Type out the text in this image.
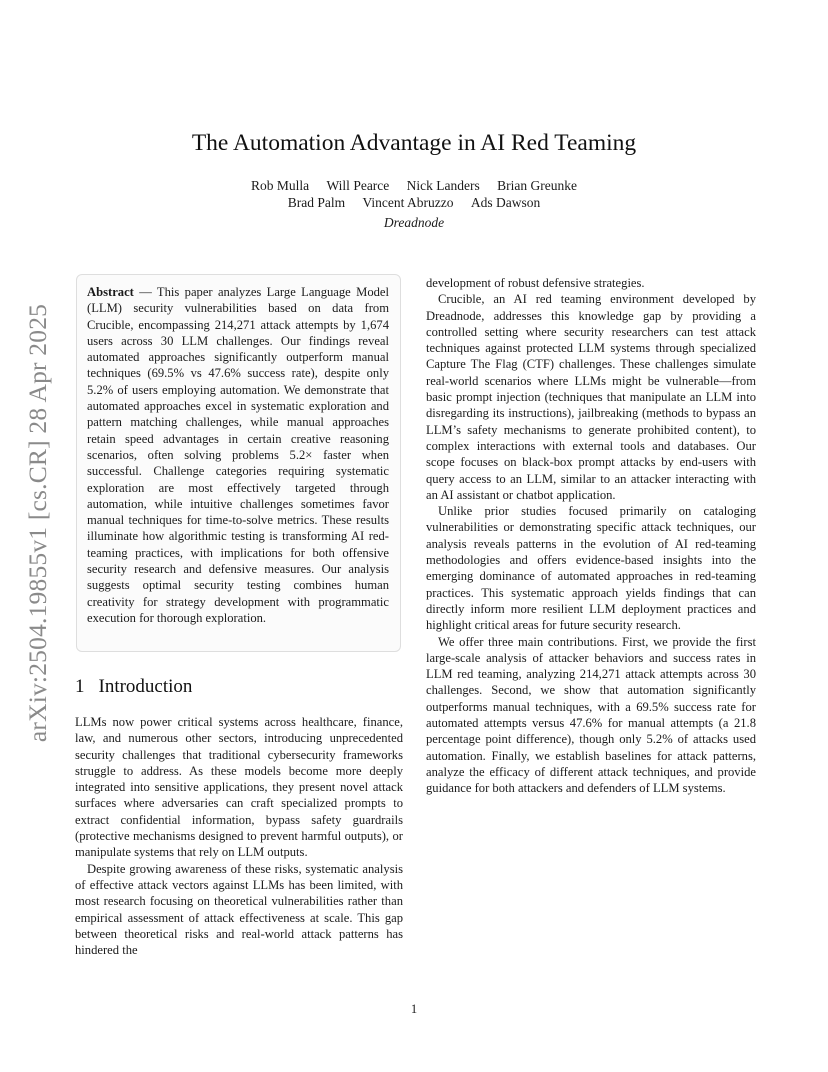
arXiv:2504.19855v1 [cs.CR] 28 Apr 2025
The Automation Advantage in AI Red Teaming
Rob Mulla Will Pearce Nick Landers Brian Greunke
Brad Palm Vincent Abruzzo Ads Dawson
Dreadnode

Abstract — This paper analyzes Large Language Model (LLM) security vulnerabilities based on data from Crucible, encompassing 214,271 attack attempts by 1,674 users across 30 LLM challenges. Our findings reveal automated approaches significantly outperform manual techniques (69.5% vs 47.6% success rate), despite only 5.2% of users employing automation. We demonstrate that automated approaches excel in systematic exploration and pattern matching challenges, while manual approaches retain speed advantages in certain creative reasoning scenarios, often solving problems 5.2× faster when successful. Challenge categories requiring systematic exploration are most effectively targeted through automation, while intuitive challenges sometimes favor manual techniques for time-to-solve metrics. These results illuminate how algorithmic testing is transforming AI red-teaming practices, with implications for both offensive security research and defensive measures. Our analysis suggests optimal security testing combines human creativity for strategy development with programmatic execution for thorough exploration.

1 Introduction

LLMs now power critical systems across healthcare, finance, law, and numerous other sectors, introducing unprecedented security challenges that traditional cybersecurity frameworks struggle to address. As these models become more deeply integrated into sensitive applications, they present novel attack surfaces where adversaries can craft specialized prompts to extract confidential information, bypass safety guardrails (protective mechanisms designed to prevent harmful outputs), or manipulate systems that rely on LLM outputs.

Despite growing awareness of these risks, systematic analysis of effective attack vectors against LLMs has been limited, with most research focusing on theoretical vulnerabilities rather than empirical assessment of attack effectiveness at scale. This gap between theoretical risks and real-world attack patterns has hindered the

development of robust defensive strategies.

Crucible, an AI red teaming environment developed by Dreadnode, addresses this knowledge gap by providing a controlled setting where security researchers can test attack techniques against protected LLM systems through specialized Capture The Flag (CTF) challenges. These challenges simulate real-world scenarios where LLMs might be vulnerable—from basic prompt injection (techniques that manipulate an LLM into disregarding its instructions), jailbreaking (methods to bypass an LLM’s safety mechanisms to generate prohibited content), to complex interactions with external tools and databases. Our scope focuses on black-box prompt attacks by end-users with query access to an LLM, similar to an attacker interacting with an AI assistant or chatbot application.

Unlike prior studies focused primarily on cataloging vulnerabilities or demonstrating specific attack techniques, our analysis reveals patterns in the evolution of AI red-teaming methodologies and offers evidence-based insights into the emerging dominance of automated approaches in red-teaming practices. This systematic approach yields findings that can directly inform more resilient LLM deployment practices and highlight critical areas for future security research.

We offer three main contributions. First, we provide the first large-scale analysis of attacker behaviors and success rates in LLM red teaming, analyzing 214,271 attack attempts across 30 challenges. Second, we show that automation significantly outperforms manual techniques, with a 69.5% success rate for automated attempts versus 47.6% for manual attempts (a 21.8 percentage point difference), though only 5.2% of attacks used automation. Finally, we establish baselines for attack patterns, analyze the efficacy of different attack techniques, and provide guidance for both attackers and defenders of LLM systems.

1
